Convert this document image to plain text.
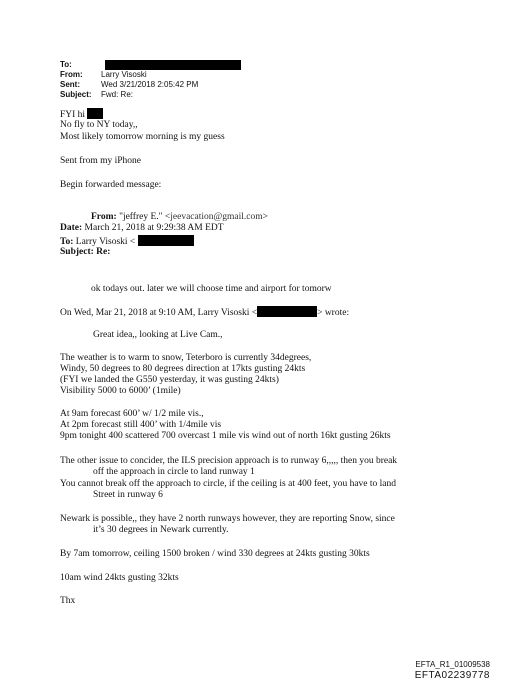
To:
From:	Larry Visoski
Sent:	Wed 3/21/2018 2:05:42 PM
Subject:	Fwd: Re:
FYI hi
No fly to NY today,,
Most likely tomorrow morning is my guess
Sent from my iPhone
Begin forwarded message:
From: "jeffrey E." <jeevacation@gmail.com>
Date: March 21, 2018 at 9:29:38 AM EDT
To: Larry Visoski <
Subject: Re:
ok todays out. later we will choose time and airport for tomorw
On Wed, Mar 21, 2018 at 9:10 AM, Larry Visoski <	> wrote:
Great idea,, looking at Live Cam.,
The weather is to warm to snow, Teterboro is currently 34degrees,
Windy, 50 degrees to 80 degrees direction at 17kts gusting 24kts
(FYI we landed the G550 yesterday, it was gusting 24kts)
Visibility 5000 to 6000’ (1mile)
At 9am forecast 600’ w/ 1/2 mile vis.,
At 2pm forecast still 400’ with 1/4mile vis
9pm tonight 400 scattered 700 overcast 1 mile vis wind out of north 16kt gusting 26kts
The other issue to concider, the ILS precision approach is to runway 6,,,,, then you break
off the approach in circle to land runway 1
You cannot break off the approach to circle, if the ceiling is at 400 feet, you have to land
Street in runway 6
Newark is possible,, they have 2 north runways however, they are reporting Snow, since
it’s 30 degrees in Newark currently.
By 7am tomorrow, ceiling 1500 broken / wind 330 degrees at 24kts gusting 30kts
10am wind 24kts gusting 32kts
Thx
EFTA_R1_01009538
EFTA02239778
